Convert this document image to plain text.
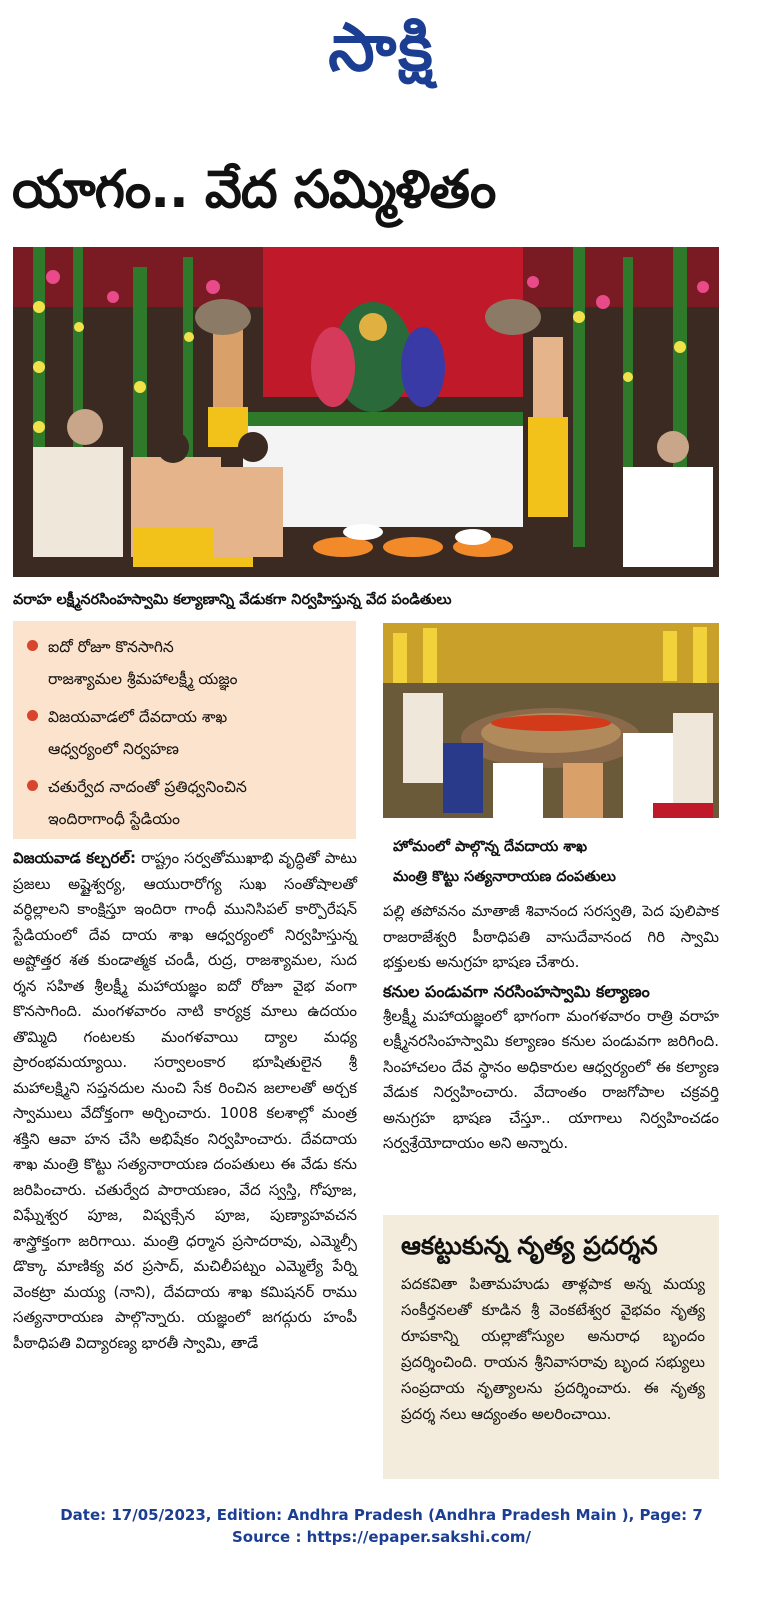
సాక్షి
యాగం.. వేద సమ్మిళితం
వరాహ లక్ష్మీనరసింహస్వామి కల్యాణాన్ని వేడుకగా నిర్వహిస్తున్న వేద పండితులు
ఐదో రోజూ కొనసాగిన
రాజశ్యామల శ్రీమహాలక్ష్మీ యజ్ఞం
విజయవాడలో దేవదాయ శాఖ
ఆధ్వర్యంలో నిర్వహణ
చతుర్వేద నాదంతో ప్రతిధ్వనించిన
ఇందిరాగాంధీ స్టేడియం
హోమంలో పాల్గొన్న దేవదాయ శాఖ
మంత్రి కొట్టు సత్యనారాయణ దంపతులు
విజయవాడ కల్చరల్: రాష్ట్రం సర్వతోముఖాభి వృద్ధితో పాటు ప్రజలు అష్టైశ్వర్య, ఆయురారోగ్య సుఖ సంతోషాలతో వర్ధిల్లాలని కాంక్షిస్తూ ఇందిరా గాంధీ మునిసిపల్ కార్పొరేషన్ స్టేడియంలో దేవ దాయ శాఖ ఆధ్వర్యంలో నిర్వహిస్తున్న అష్టోత్తర శత కుండాత్మక చండీ, రుద్ర, రాజశ్యామల, సుద ర్శన సహిత శ్రీలక్ష్మీ మహాయజ్ఞం ఐదో రోజూ వైభ వంగా కొనసాగింది. మంగళవారం నాటి కార్యక్ర మాలు ఉదయం తొమ్మిది గంటలకు మంగళవాయి ద్యాల మధ్య ప్రారంభమయ్యాయి. సర్వాలంకార భూషితులైన శ్రీ మహాలక్ష్మిని సప్తనదుల నుంచి సేక రించిన జలాలతో అర్చక స్వాములు వేదోక్తంగా అర్చించారు. 1008 కలశాల్లో మంత్ర శక్తిని ఆవా హన చేసి అభిషేకం నిర్వహించారు. దేవదాయ శాఖ మంత్రి కొట్టు సత్యనారాయణ దంపతులు ఈ వేడు కను జరిపించారు. చతుర్వేద పారాయణం, వేద స్వస్తి, గోపూజ, విఘ్నేశ్వర పూజ, విష్వక్సేన పూజ, పుణ్యాహవచన శాస్త్రోక్తంగా జరిగాయి. మంత్రి ధర్మాన ప్రసాదరావు, ఎమ్మెల్సీ డొక్కా మాణిక్య వర ప్రసాద్, మచిలీపట్నం ఎమ్మెల్యే పేర్ని వెంకట్రా మయ్య (నాని), దేవదాయ శాఖ కమిషనర్ రాము సత్యనారాయణ పాల్గొన్నారు. యజ్ఞంలో జగద్గురు హంపీ పీఠాధిపతి విద్యారణ్య భారతీ స్వామి, తాడే
పల్లి తపోవనం మాతాజీ శివానంద సరస్వతి, పెద పులిపాక రాజరాజేశ్వరి పీఠాధిపతి వాసుదేవానంద గిరి స్వామి భక్తులకు అనుగ్రహ భాషణ చేశారు.
కనుల పండువగా నరసింహస్వామి కల్యాణం
శ్రీలక్ష్మీ మహాయజ్ఞంలో భాగంగా మంగళవారం రాత్రి వరాహ లక్ష్మీనరసింహస్వామి కల్యాణం కనుల పండువగా జరిగింది. సింహాచలం దేవ స్థానం అధికారుల ఆధ్వర్యంలో ఈ కల్యాణ వేడుక నిర్వహించారు. వేదాంతం రాజగోపాల చక్రవర్తి అనుగ్రహ భాషణ చేస్తూ.. యాగాలు నిర్వహించడం సర్వశ్రేయోదాయం అని అన్నారు.
ఆకట్టుకున్న నృత్య ప్రదర్శన
పదకవితా పితామహుడు తాళ్లపాక అన్న మయ్య సంకీర్తనలతో కూడిన శ్రీ వెంకటేశ్వర వైభవం నృత్య రూపకాన్ని యల్లాజోస్యుల అనురాధ బృందం ప్రదర్శించింది. రాయన శ్రీనివాసరావు బృంద సభ్యులు సంప్రదాయ నృత్యాలను ప్రదర్శించారు. ఈ నృత్య ప్రదర్శ నలు ఆద్యంతం అలరించాయి.
Date: 17/05/2023, Edition: Andhra Pradesh (Andhra Pradesh Main ), Page: 7
Source : https://epaper.sakshi.com/
